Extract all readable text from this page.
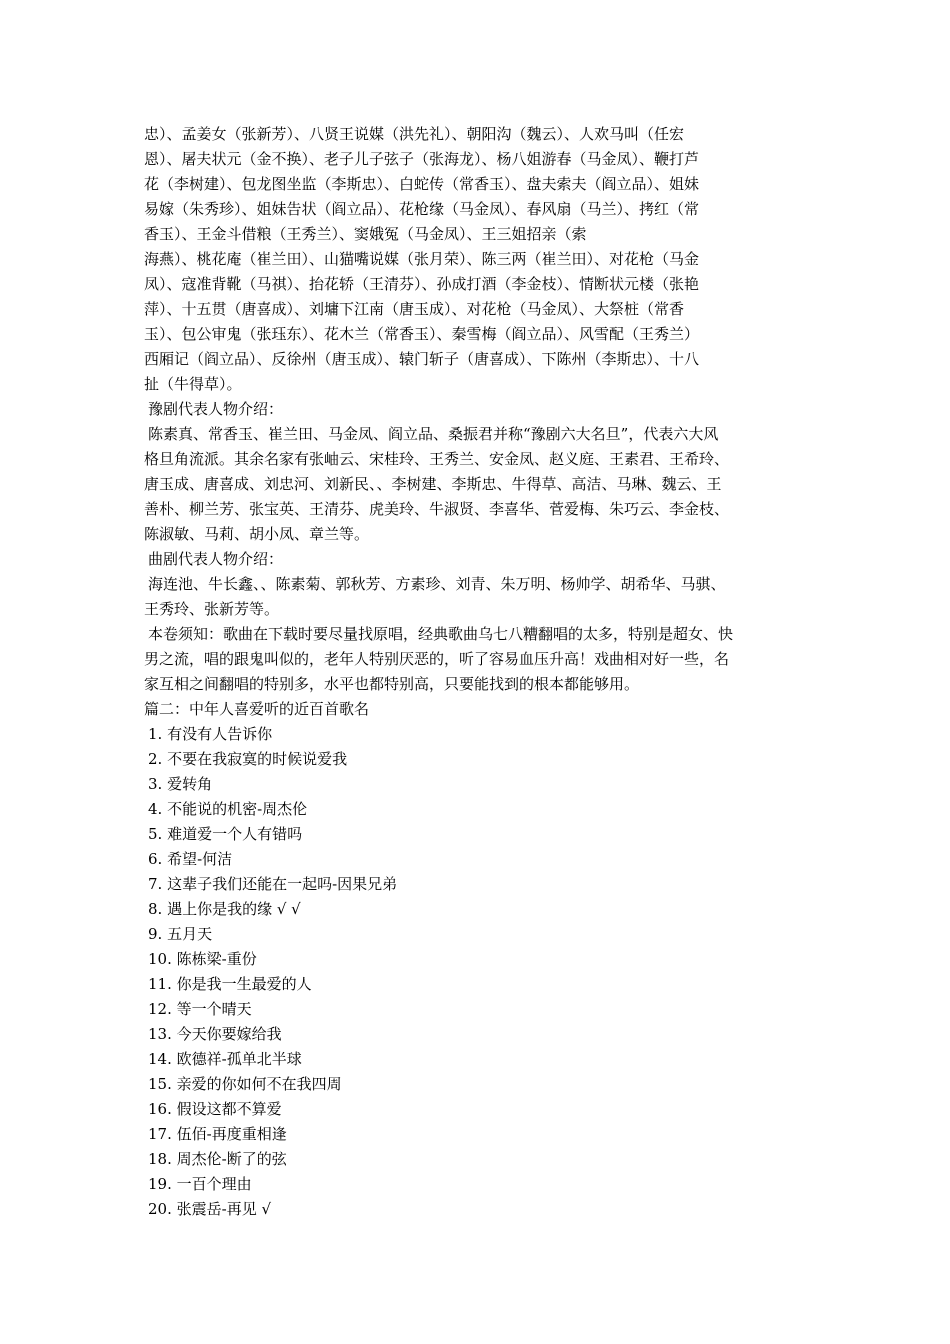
忠）、孟姜女（张新芳）、八贤王说媒（洪先礼）、朝阳沟（魏云）、人欢马叫（任宏
恩）、屠夫状元（金不换）、老子儿子弦子（张海龙）、杨八姐游春（马金凤）、鞭打芦
花（李树建）、包龙图坐监（李斯忠）、白蛇传（常香玉）、盘夫索夫（阎立品）、姐妹
易嫁（朱秀珍）、姐妹告状（阎立品）、花枪缘（马金凤）、春风扇（马兰）、拷红（常
香玉）、王金斗借粮（王秀兰）、窦娥冤（马金凤）、王三姐招亲（索
海燕）、桃花庵（崔兰田）、山猫嘴说媒（张月荣）、陈三两（崔兰田）、对花枪（马金
凤）、寇准背靴（马祺）、抬花轿（王清芬）、孙成打酒（李金枝）、情断状元楼（张艳
萍）、十五贯（唐喜成）、刘墉下江南（唐玉成）、对花枪（马金凤）、大祭桩（常香
玉）、包公审鬼（张珏东）、花木兰（常香玉）、秦雪梅（阎立品）、风雪配（王秀兰）
西厢记（阎立品）、反徐州（唐玉成）、辕门斩子（唐喜成）、下陈州（李斯忠）、十八
扯（牛得草）。
豫剧代表人物介绍：
陈素真、常香玉、崔兰田、马金凤、阎立品、桑振君并称“豫剧六大名旦”，代表六大风
格旦角流派。其余名家有张岫云、宋桂玲、王秀兰、安金凤、赵义庭、王素君、王希玲、
唐玉成、唐喜成、刘忠河、刘新民、、李树建、李斯忠、牛得草、高洁、马琳、魏云、王
善朴、柳兰芳、张宝英、王清芬、虎美玲、牛淑贤、李喜华、菅爱梅、朱巧云、李金枝、
陈淑敏、马莉、胡小凤、章兰等。
曲剧代表人物介绍：
海连池、牛长鑫、、陈素菊、郭秋芳、方素珍、刘青、朱万明、杨帅学、胡希华、马骐、
王秀玲、张新芳等。
本卷须知：歌曲在下载时要尽量找原唱，经典歌曲乌七八糟翻唱的太多，特别是超女、快
男之流，唱的跟鬼叫似的，老年人特别厌恶的，听了容易血压升高！戏曲相对好一些，名
家互相之间翻唱的特别多，水平也都特别高，只要能找到的根本都能够用。
篇二：中年人喜爱听的近百首歌名
1. 有没有人告诉你
2. 不要在我寂寞的时候说爱我
3. 爱转角
4. 不能说的机密-周杰伦
5. 难道爱一个人有错吗
6. 希望-何洁
7. 这辈子我们还能在一起吗-因果兄弟
8. 遇上你是我的缘 √ √
9. 五月天
10. 陈栋梁-重份
11. 你是我一生最爱的人
12. 等一个晴天
13. 今天你要嫁给我
14. 欧德祥-孤单北半球
15. 亲爱的你如何不在我四周
16. 假设这都不算爱
17. 伍佰-再度重相逢
18. 周杰伦-断了的弦
19. 一百个理由
20. 张震岳-再见 √
